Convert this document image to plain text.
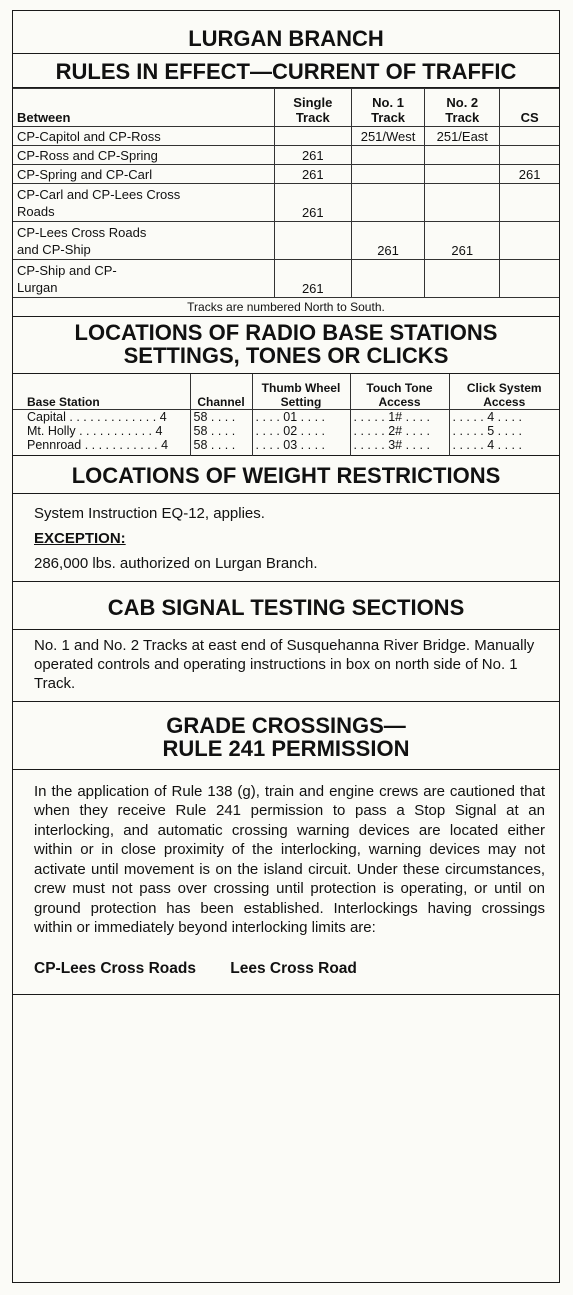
LURGAN BRANCH
RULES IN EFFECT—CURRENT OF TRAFFIC
Between	Single Track	No. 1 Track	No. 2 Track	CS
CP-Capitol and CP-Ross		251/West	251/East	
CP-Ross and CP-Spring	261			
CP-Spring and CP-Carl	261			261

CP-Carl and CP-Lees Cross Roads	261			

CP-Lees Cross Roads and CP-Ship		261	261	

CP-Ship and CP-Lurgan	261			
Tracks are numbered North to South.
LOCATIONS OF RADIO BASE STATIONS
SETTINGS, TONES OR CLICKS
Base Station	Channel	Thumb Wheel Setting	Touch Tone Access	Click System Access

Capital . . . . . . . . . . . . . 4	58 . . . .	. . . . 01 . . . .	. . . . . 1# . . . .	. . . . . 4 . . . .
Mt. Holly . . . . . . . . . . . 4	58 . . . .	. . . . 02 . . . .	. . . . . 2# . . . .	. . . . . 5 . . . .
Pennroad . . . . . . . . . . . 4	58 . . . .	. . . . 03 . . . .	. . . . . 3# . . . .	. . . . . 4 . . . .

LOCATIONS OF WEIGHT RESTRICTIONS
System Instruction EQ-12, applies.
EXCEPTION:
286,000 lbs. authorized on Lurgan Branch.
CAB SIGNAL TESTING SECTIONS
No. 1 and No. 2 Tracks at east end of Susquehanna River Bridge. Manually operated controls and operating instructions in box on north side of No. 1 Track.
GRADE CROSSINGS—
RULE 241 PERMISSION
In the application of Rule 138 (g), train and engine crews are cautioned that when they receive Rule 241 permission to pass a Stop Signal at an interlocking, and automatic crossing warning devices are located either within or in close proximity of the interlocking, warning devices may not activate until movement is on the island circuit. Under these circumstances, crew must not pass over crossing until protection is operating, or until on ground protection has been established. Interlockings having crossings within or immediately beyond interlocking limits are:
CP-Lees Cross Roads Lees Cross Road
